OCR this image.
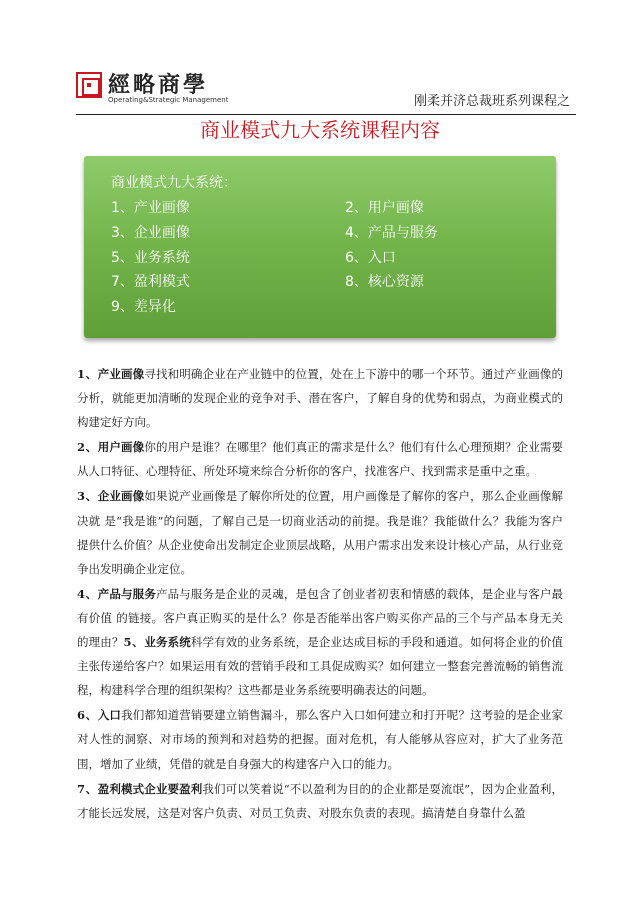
經略商學
Operating&Strategic Management	刚柔并济总裁班系列课程之
商业模式九大系统课程内容
商业模式九大系统：
1、产业画像	2、用户画像
3、企业画像	4、产品与服务
5、业务系统	6、入口
7、盈利模式	8、核心资源
9、差异化

1、产业画像寻找和明确企业在产业链中的位置，处在上下游中的哪一个环节。通过产业画像的分析，就能更加清晰的发现企业的竞争对手、潜在客户，了解自身的优势和弱点，为商业模式的构建定好方向。

2、用户画像你的用户是谁？在哪里？他们真正的需求是什么？他们有什么心理预期？企业需要从人口特征、心理特征、所处环境来综合分析你的客户，找准客户、找到需求是重中之重。

3、企业画像如果说产业画像是了解你所处的位置，用户画像是了解你的客户，那么企业画像解决就 是“我是谁”的问题，了解自己是一切商业活动的前提。我是谁？我能做什么？我能为客户提供什么价值？从企业使命出发制定企业顶层战略，从用户需求出发来设计核心产品，从行业竞争出发明确企业定位。

4、产品与服务产品与服务是企业的灵魂，是包含了创业者初衷和情感的载体，是企业与客户最有价值 的链接。客户真正购买的是什么？你是否能举出客户购买你产品的三个与产品本身无关的理由？5、业务系统科学有效的业务系统，是企业达成目标的手段和通道。如何将企业的价值主张传递给客户？如果运用有效的营销手段和工具促成购买？如何建立一整套完善流畅的销售流程，构建科学合理的组织架构？这些都是业务系统要明确表达的问题。

6、入口我们都知道营销要建立销售漏斗，那么客户入口如何建立和打开呢？这考验的是企业家对人性的洞察、对市场的预判和对趋势的把握。面对危机，有人能够从容应对，扩大了业务范围，增加了业绩，凭借的就是自身强大的构建客户入口的能力。

7、盈利模式企业要盈利我们可以笑着说“不以盈利为目的的企业都是耍流氓”，因为企业盈利，才能长远发展，这是对客户负责、对员工负责、对股东负责的表现。搞清楚自身靠什么盈
